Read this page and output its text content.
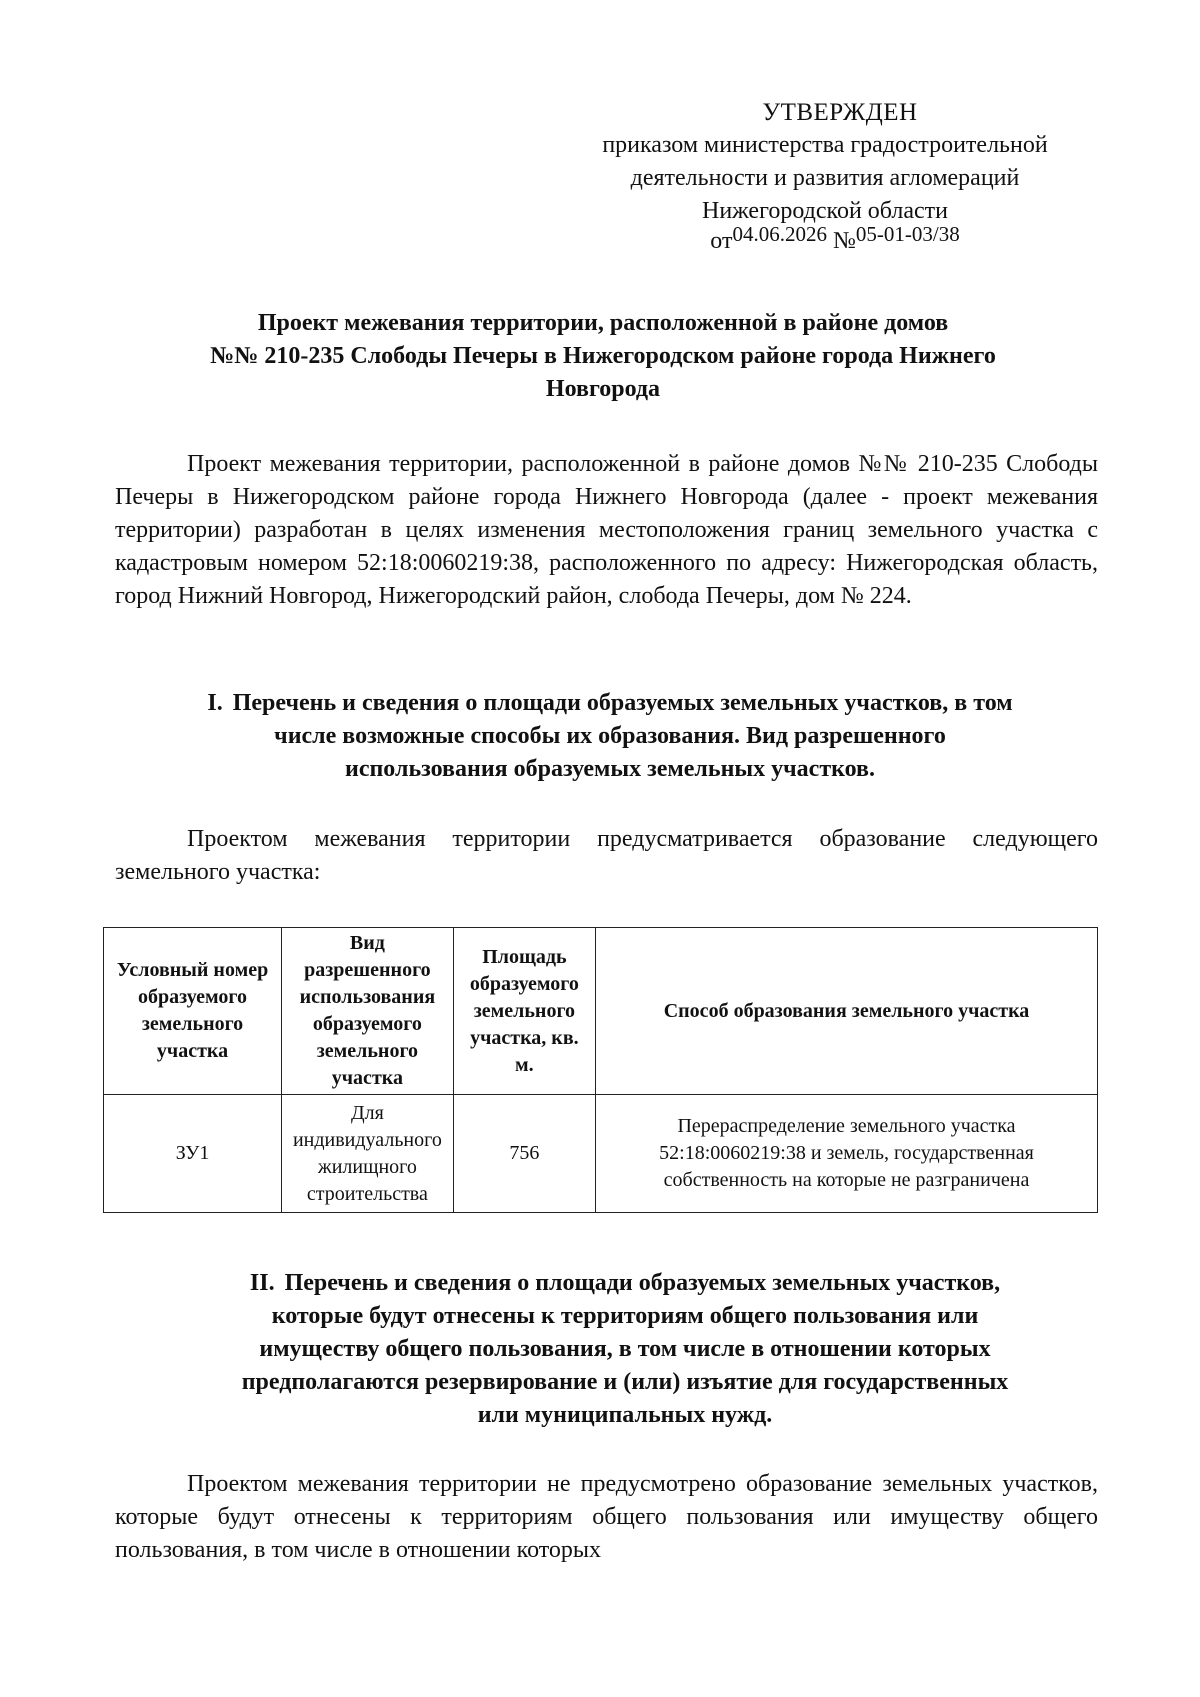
УТВЕРЖДЕН
приказом министерства градостроительной
деятельности и развития агломераций
Нижегородской области
от04.06.2026 №05-01-03/38
Проект межевания территории, расположенной в районе домов
№№ 210-235 Слободы Печеры в Нижегородском районе города Нижнего
Новгорода
Проект межевания территории, расположенной в районе домов №№ 210-235 Слободы Печеры в Нижегородском районе города Нижнего Новгорода (далее - проект межевания территории) разработан в целях изменения местоположения границ земельного участка с кадастровым номером 52:18:0060219:38, расположенного по адресу: Нижегородская область, город Нижний Новгород, Нижегородский район, слобода Печеры, дом № 224.
I. Перечень и сведения о площади образуемых земельных участков, в том
числе возможные способы их образования. Вид разрешенного
использования образуемых земельных участков.
Проектом межевания территории предусматривается образование следующего земельного участка:
Условный номер образуемого земельного участка	Вид разрешенного использования образуемого земельного участка	Площадь образуемого земельного участка, кв. м.	Способ образования земельного участка
ЗУ1	Для индивидуального жилищного строительства	756	Перераспределение земельного участка 52:18:0060219:38 и земель, государственная собственность на которые не разграничена
II. Перечень и сведения о площади образуемых земельных участков,
которые будут отнесены к территориям общего пользования или
имуществу общего пользования, в том числе в отношении которых
предполагаются резервирование и (или) изъятие для государственных
или муниципальных нужд.
Проектом межевания территории не предусмотрено образование земельных участков, которые будут отнесены к территориям общего пользования или имуществу общего пользования, в том числе в отношении которых
